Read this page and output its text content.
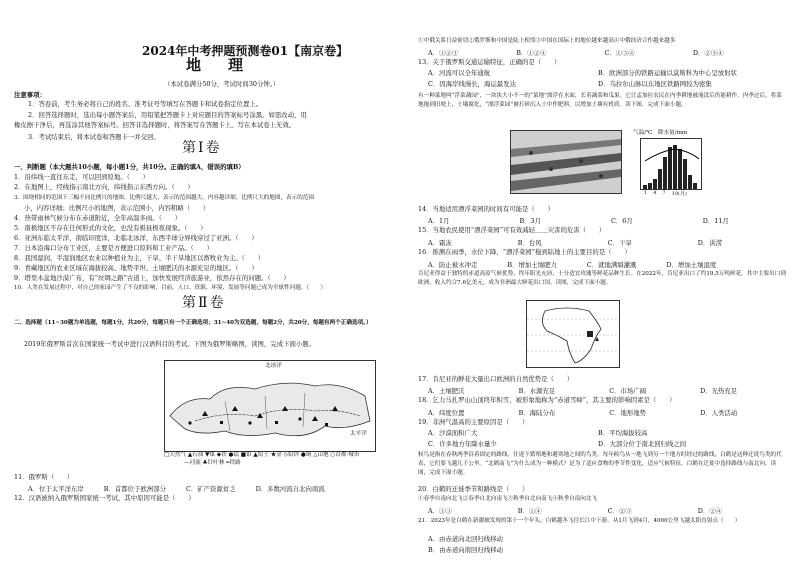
2024年中考押题预测卷01【南京卷】
地　理
（本试卷满分50分，考试时间30分钟。）
注意事项：
1．答卷前，考生务必将自己的姓名、准考证号等填写在答题卡和试卷指定位置上。
2．回答选择题时，选出每小题答案后，用铅笔把答题卡上对应题目的答案标号涂黑。如需改动，用
橡皮擦干净后，再选涂其他答案标号。回答非选择题时，将答案写在答题卡上。写在本试卷上无效。
3．考试结束后，将本试卷和答题卡一并交回。
第Ⅰ卷
一、判断题（本大题共10小题，每小题1分，共10分。正确的填A，错误的填B）
1．沿纬线一直往东走，可以回到原地。（　　）
2．在地图上，经线指示南北方向，纬线指示东西方向。（　　）
3．围绕相同的范围下三幅不同比例尺的地图，比例尺越大，表示的范围越大，内容越详细。比例尺大的地图，表示的范围
小，内容详细；比例尺小的地图，表示范围小，内容粗略（　　）
4．热带雨林气候分布在赤道附近，全年高温多雨。（　　）
5．南极地区不存在任何形式的文化，也没有极昼极夜现象。（　　）
6．亚洲东临太平洋，南临印度洋，北临北冰洋，东西半球分界线穿过了亚洲。（　　）
7．日本沿海口分布工业区，主要是方便进口原料和工业产品。（　　）
8．我国湿润、半湿润地区农业以种植业为主，干旱、半干旱地区以畜牧业为主。（　　）
9．青藏地区的农业区域在海拔较高、地势平坦、土壤肥沃的水源充足的地区。（　　）
9．塔里木盆地沙漠广布，有“丝绸之路”古道上，加快发展经济旅游业，依然存在的问题。（　　）
10．人类在发展过程中，对自己的家园产生了不良的影响，目前，人口、资源、环境、发展等问题已成为全球性问题。（　　）
第Ⅱ卷
二、选择题（11~30题为单选题，每题1分，共20分，每题只有一个正确选项；31~40为双选题，每题2分，共20分，每题有两个正确选项。）
2019年俄罗斯首次在国家统一考试中进行汉语科目的考试。下图为俄罗斯略图，读图，完成下面小题。
北冰洋
太平洋
□天然气 ▲石油 ▼煤 ◆铁 ●锰 ■钼 ▲铝土 ★金 ◇铅锌 ●铜 △山地 ○首都·城市
—河流 ♣针叶林 ━铁路
11．俄罗斯（　　）
A．位于太平洋东岸	B．首都位于欧洲部分	C．矿产资源贫乏	D．多数河流自北向南流
12．汉语被纳入俄罗斯国家统一考试，其中原因可能是（　　）
①中俄关系日益密切②俄罗斯和中国是陆上相邻③中国在国际上的地位越来越高④中俄经济合作越来越多
A．①②③	B．①②④	C．①③④	D．②③④
13．关于俄罗斯交通运输特征，正确的是（　　）
A．河流可以全年通航	B．欧洲部分的铁路运输以莫斯科为中心呈放射状
C．因海岸线漫长，海运最发达	D．乌拉尔山脉以东地区铁路网较为密集
有一种菜地叫“浮菜蔬园”，一块块大小不一的“菜地”漂浮在水面，长着蔬菜和瓜果。它让孟加拉农民在内季耕地被淹没后仍能耕作，内季过后，将菜地拖到田埂上，土壤腐化，“漂浮菜园”被打碎沉入土中作肥料，以增加土壤有机质。读下图，完成下面小题。
气温/℃　降水量/mm
1 4 7 10(月)
14．当地适用漂浮菜园的时间有可能是（　　）
A．1月	B．3月	C．6月	D．11月
15．当地农民使用“漂浮菜园”可有效减轻＿＿灾害的危害（　　）
A．霜冻	B．台风	C．干旱	D．洪涝
16．推测在雨季，水位下降，“漂浮菜园”拖到陆地上的主要目的是（　　）
A．防止被水冲走	B．增加土壤肥力	C．就地满墒灌溉	D．增加土壤湿度
肯尼亚得益于独特的赤道高原气候优势，终年阳光充沛，十分适宜玫瑰等鲜花品种生长。在2022年，肯尼亚出口了约19.5万吨鲜花，其中主要出口到欧洲，收入约合7.6亿美元，成为非洲最大鲜花出口国。读图，完成下面小题。
17．肯尼亚的鲜花大量出口欧洲的自然优势是（　　）
A．土壤肥沃	B．水源充足	C．市场广阔	D．光热充足
18．乞力马扎罗山山顶终年积雪，被形象地称为“赤道雪峰”，其主要的影响因素是（　　）
A．纬度位置	B．海陆分布	C．地形地势	D．人类活动
19．非洲气温高的主要原因是（　　）
A．沙漠面积广大	B．平均海拔较高
C．许多地方年降水量少	D．大部分位于南北回归线之间
候鸟是指在春秋两季沿着固定的路线，往返于繁殖地和避寒地之间的鸟类。每年候鸟从一地飞到另一个地方时经过的路线，白鹤是这种迁徙鸟类的代表，它们要飞越几千公里。“北鹤南飞”为什么成为一种模式？是为了适应食物的季节性变化，适应气候特征，白鹤在迁徙中选择路线与南北向。读图，完成下面小题。
20．白鹤的迁徙季节和路线是（　　）
①春季自南向北飞②春季自北向南飞③秋季自北向南飞④秋季自南向北飞
A．①③	B．①④	C．②③	D．②④
21．2023年是白鹤在新疆被发现的第十一个年头，白鹤越冬飞往长江中下游，从1月飞到4月，4000公里飞越太阳直射点（　　）
A．由赤道向北回归线移动
B．由赤道向南回归线移动
